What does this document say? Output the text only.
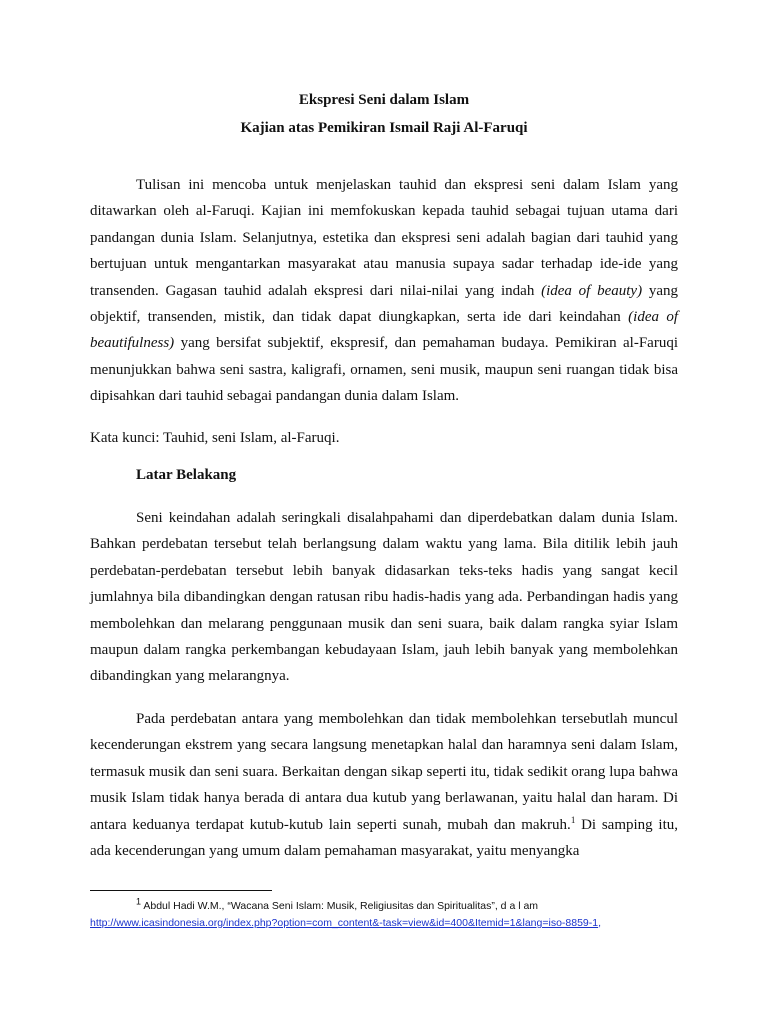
Ekspresi Seni dalam Islam
Kajian atas Pemikiran Ismail Raji Al-Faruqi

Tulisan ini mencoba untuk menjelaskan tauhid dan ekspresi seni dalam Islam yang ditawarkan oleh al-Faruqi. Kajian ini memfokuskan kepada tauhid sebagai tujuan utama dari pandangan dunia Islam. Selanjutnya, estetika dan ekspresi seni adalah bagian dari tauhid yang bertujuan untuk mengantarkan masyarakat atau manusia supaya sadar terhadap ide-ide yang transenden. Gagasan tauhid adalah ekspresi dari nilai-nilai yang indah (idea of beauty) yang objektif, transenden, mistik, dan tidak dapat diungkapkan, serta ide dari keindahan (idea of beautifulness) yang bersifat subjektif, ekspresif, dan pemahaman budaya. Pemikiran al-Faruqi menunjukkan bahwa seni sastra, kaligrafi, ornamen, seni musik, maupun seni ruangan tidak bisa dipisahkan dari tauhid sebagai pandangan dunia dalam Islam.

Kata kunci: Tauhid, seni Islam, al-Faruqi.

Latar Belakang

Seni keindahan adalah seringkali disalahpahami dan diperdebatkan dalam dunia Islam. Bahkan perdebatan tersebut telah berlangsung dalam waktu yang lama. Bila ditilik lebih jauh perdebatan-perdebatan tersebut lebih banyak didasarkan teks-teks hadis yang sangat kecil jumlahnya bila dibandingkan dengan ratusan ribu hadis-hadis yang ada. Perbandingan hadis yang membolehkan dan melarang penggunaan musik dan seni suara, baik dalam rangka syiar Islam maupun dalam rangka perkembangan kebudayaan Islam, jauh lebih banyak yang membolehkan dibandingkan yang melarangnya.

Pada perdebatan antara yang membolehkan dan tidak membolehkan tersebutlah muncul kecenderungan ekstrem yang secara langsung menetapkan halal dan haramnya seni dalam Islam, termasuk musik dan seni suara. Berkaitan dengan sikap seperti itu, tidak sedikit orang lupa bahwa musik Islam tidak hanya berada di antara dua kutub yang berlawanan, yaitu halal dan haram. Di antara keduanya terdapat kutub-kutub lain seperti sunah, mubah dan makruh.$^1$ Di samping itu, ada kecenderungan yang umum dalam pemahaman masyarakat, yaitu menyangka

$^1$ Abdul Hadi W.M., “Wacana Seni Islam: Musik, Religiusitas dan Spiritualitas”, d a l am

http://www.icasindonesia.org/index.php?option=com_content&-task=view&id=400&Itemid=1&lang=iso-8859-1,
